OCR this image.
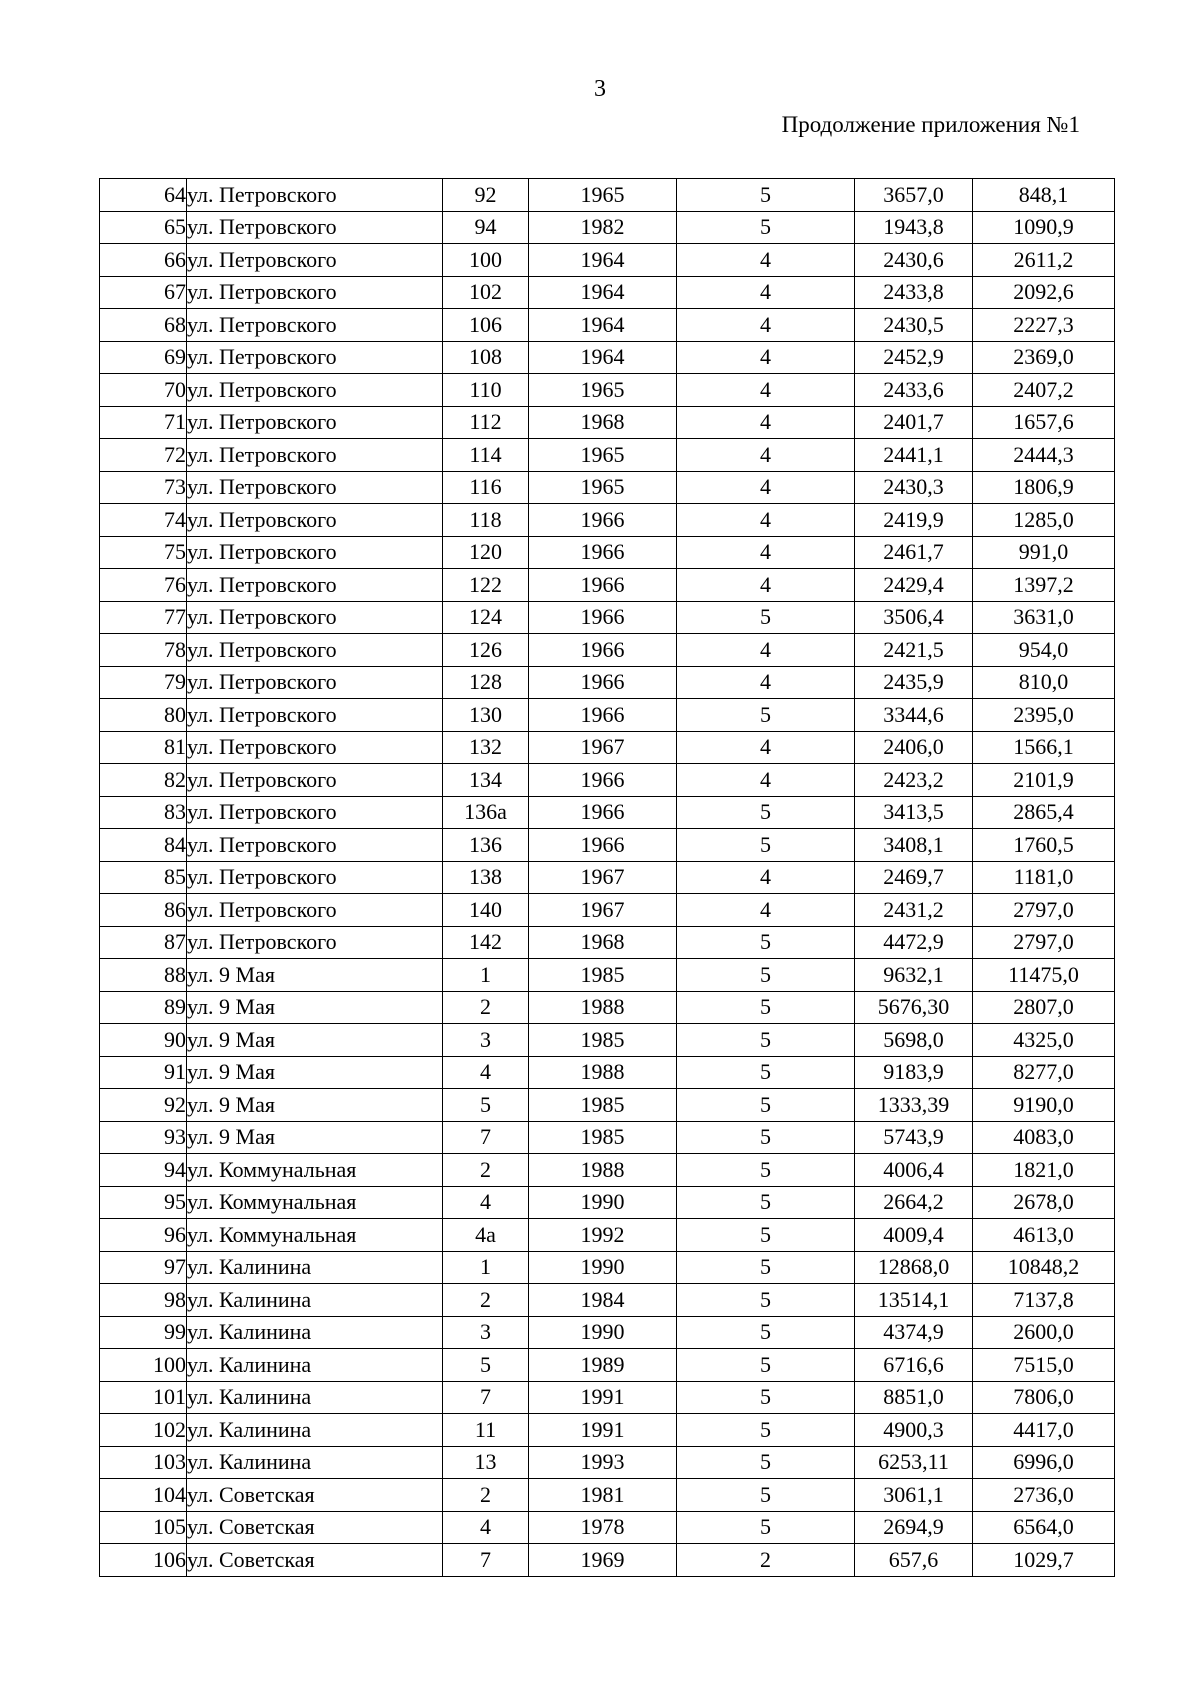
3
Продолжение приложения №1
64	ул. Петровского	92	1965	5	3657,0	848,1
65	ул. Петровского	94	1982	5	1943,8	1090,9
66	ул. Петровского	100	1964	4	2430,6	2611,2
67	ул. Петровского	102	1964	4	2433,8	2092,6
68	ул. Петровского	106	1964	4	2430,5	2227,3
69	ул. Петровского	108	1964	4	2452,9	2369,0
70	ул. Петровского	110	1965	4	2433,6	2407,2
71	ул. Петровского	112	1968	4	2401,7	1657,6
72	ул. Петровского	114	1965	4	2441,1	2444,3
73	ул. Петровского	116	1965	4	2430,3	1806,9
74	ул. Петровского	118	1966	4	2419,9	1285,0
75	ул. Петровского	120	1966	4	2461,7	991,0
76	ул. Петровского	122	1966	4	2429,4	1397,2
77	ул. Петровского	124	1966	5	3506,4	3631,0
78	ул. Петровского	126	1966	4	2421,5	954,0
79	ул. Петровского	128	1966	4	2435,9	810,0
80	ул. Петровского	130	1966	5	3344,6	2395,0
81	ул. Петровского	132	1967	4	2406,0	1566,1
82	ул. Петровского	134	1966	4	2423,2	2101,9
83	ул. Петровского	136а	1966	5	3413,5	2865,4
84	ул. Петровского	136	1966	5	3408,1	1760,5
85	ул. Петровского	138	1967	4	2469,7	1181,0
86	ул. Петровского	140	1967	4	2431,2	2797,0
87	ул. Петровского	142	1968	5	4472,9	2797,0
88	ул. 9 Мая	1	1985	5	9632,1	11475,0
89	ул. 9 Мая	2	1988	5	5676,30	2807,0
90	ул. 9 Мая	3	1985	5	5698,0	4325,0
91	ул. 9 Мая	4	1988	5	9183,9	8277,0
92	ул. 9 Мая	5	1985	5	1333,39	9190,0
93	ул. 9 Мая	7	1985	5	5743,9	4083,0
94	ул. Коммунальная	2	1988	5	4006,4	1821,0
95	ул. Коммунальная	4	1990	5	2664,2	2678,0
96	ул. Коммунальная	4а	1992	5	4009,4	4613,0
97	ул. Калинина	1	1990	5	12868,0	10848,2
98	ул. Калинина	2	1984	5	13514,1	7137,8
99	ул. Калинина	3	1990	5	4374,9	2600,0
100	ул. Калинина	5	1989	5	6716,6	7515,0
101	ул. Калинина	7	1991	5	8851,0	7806,0
102	ул. Калинина	11	1991	5	4900,3	4417,0
103	ул. Калинина	13	1993	5	6253,11	6996,0
104	ул. Советская	2	1981	5	3061,1	2736,0
105	ул. Советская	4	1978	5	2694,9	6564,0
106	ул. Советская	7	1969	2	657,6	1029,7
